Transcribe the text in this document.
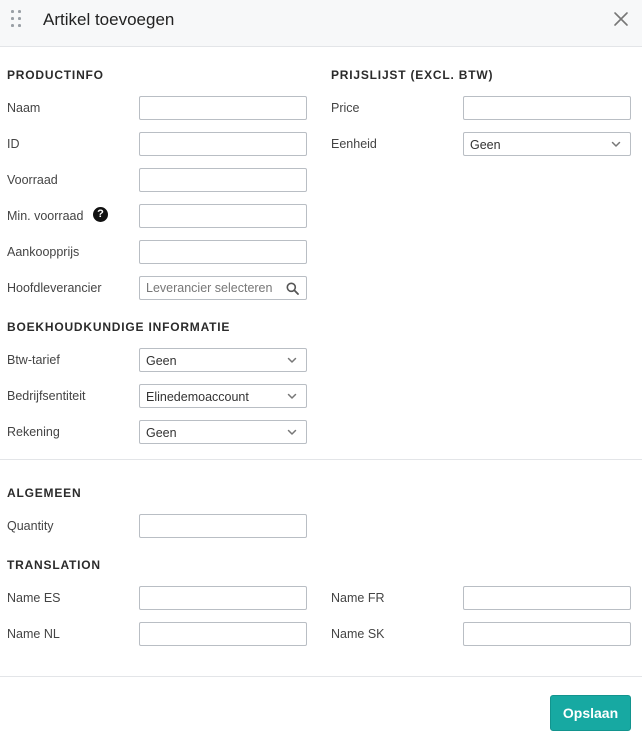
Artikel toevoegen
PRODUCTINFO
Naam
ID
Voorraad
Min. voorraad	?
Aankoopprijs
Hoofdleverancier
Leverancier selecteren
PRIJSLIJST (EXCL. BTW)
Price
Eenheid	Geen
BOEKHOUDKUNDIGE INFORMATIE
Btw-tarief	Geen
Bedrijfsentiteit	Elinedemoaccount
Rekening	Geen
ALGEMEEN
Quantity
TRANSLATION
Name ES	Name FR
Name NL	Name SK
Opslaan
